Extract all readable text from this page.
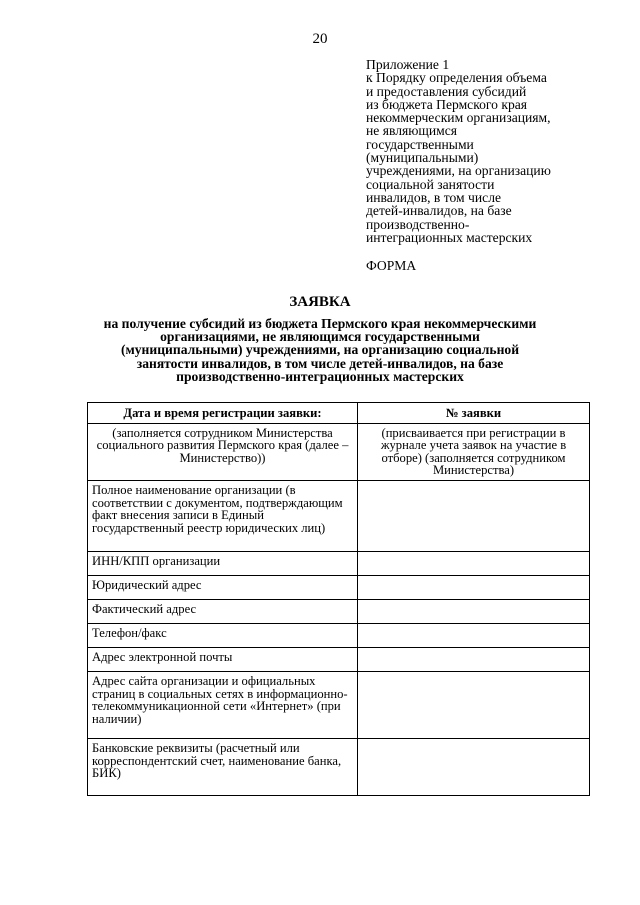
20
Приложение 1
к Порядку определения объема
и предоставления субсидий
из бюджета Пермского края
некоммерческим организациям,
не являющимся
государственными
(муниципальными)
учреждениями, на организацию
социальной занятости
инвалидов, в том числе
детей-инвалидов, на базе
производственно-
интеграционных мастерских
ФОРМА
ЗАЯВКА
на получение субсидий из бюджета Пермского края некоммерческими
организациями, не являющимся государственными
(муниципальными) учреждениями, на организацию социальной
занятости инвалидов, в том числе детей-инвалидов, на базе
производственно-интеграционных мастерских
Дата и время регистрации заявки:	№ заявки
(заполняется сотрудником Министерства социального развития Пермского края (далее – Министерство))	(присваивается при регистрации в журнале учета заявок на участие в отборе) (заполняется сотрудником Министерства)
Полное наименование организации (в соответствии с документом, подтверждающим факт внесения записи в Единый государственный реестр юридических лиц)	
ИНН/КПП организации	
Юридический адрес	
Фактический адрес	
Телефон/факс	
Адрес электронной почты	
Адрес сайта организации и официальных страниц в социальных сетях в информационно-телекоммуникационной сети «Интернет» (при наличии)	
Банковские реквизиты (расчетный или корреспондентский счет, наименование банка, БИК)	
